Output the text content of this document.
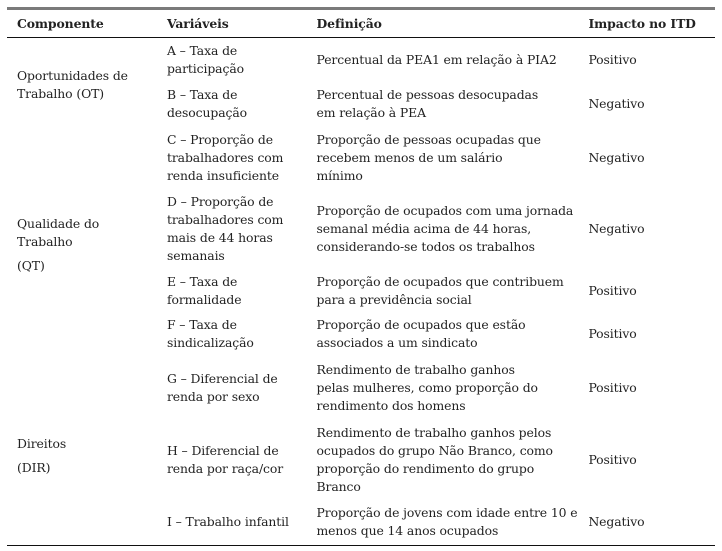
Componente	Variáveis	Definição	Impacto no ITD

Oportunidades de
Trabalho (OT)	A – Taxa de participação	Percentual da PEA1 em relação à PIA2	Positivo
	B – Taxa de desocupação	Percentual de pessoas desocupadas em relação à PEA	Negativo

Qualidade do
Trabalho
(QT)	C – Proporção de trabalhadores com renda insuficiente	Proporção de pessoas ocupadas que recebem menos de um salário mínimo	Negativo
	D – Proporção de trabalhadores com mais de 44 horas semanais	Proporção de ocupados com uma jornada semanal média acima de 44 horas, considerando-se todos os trabalhos	Negativo
	E – Taxa de formalidade	Proporção de ocupados que contribuem para a previdência social	Positivo
	F – Taxa de sindicalização	Proporção de ocupados que estão associados a um sindicato	Positivo

Direitos
(DIR)	G – Diferencial de renda por sexo	Rendimento de trabalho ganhos pelas mulheres, como proporção do rendimento dos homens	Positivo
	H – Diferencial de renda por raça/cor	Rendimento de trabalho ganhos pelos ocupados do grupo Não Branco, como proporção do rendimento do grupo Branco	Positivo
	I – Trabalho infantil	Proporção de jovens com idade entre 10 e menos que 14 anos ocupados	Negativo
